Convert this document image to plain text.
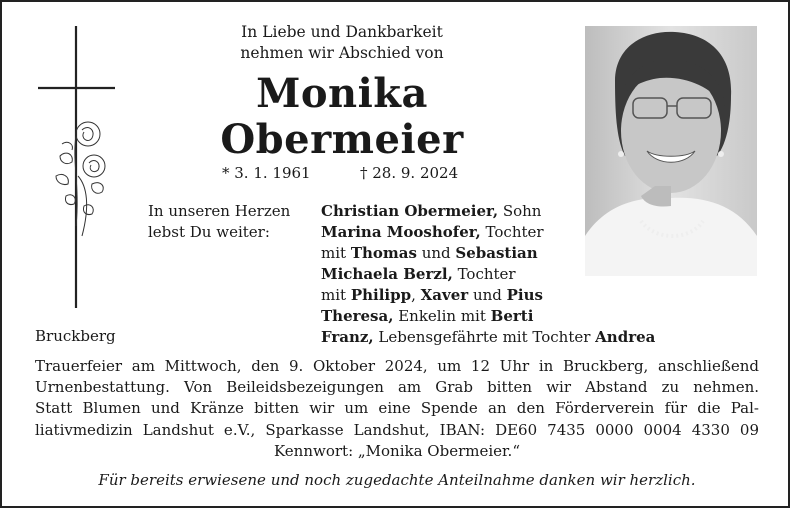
In Liebe und Dankbarkeit
nehmen wir Abschied von
Monika
Obermeier
* 3. 1. 1961	† 28. 9. 2024
In unseren Herzen
lebst Du weiter:
Christian Obermeier, Sohn
Marina Mooshofer, Tochter
mit Thomas und Sebastian
Michaela Berzl, Tochter
mit Philipp, Xaver und Pius
Theresa, Enkelin mit Berti
Franz, Lebensgefährte mit Tochter Andrea
Bruckberg
Trauerfeier am Mittwoch, den 9. Oktober 2024, um 12 Uhr in Bruckberg, anschließend
Urnenbestattung. Von Beileidsbezeigungen am Grab bitten wir Abstand zu nehmen.
Statt Blumen und Kränze bitten wir um eine Spende an den Förderverein für die Pal-
liativmedizin Landshut e.V., Sparkasse Landshut, IBAN: DE60 7435 0000 0004 4330 09
Kennwort: „Monika Obermeier.“
Für bereits erwiesene und noch zugedachte Anteilnahme danken wir herzlich.
